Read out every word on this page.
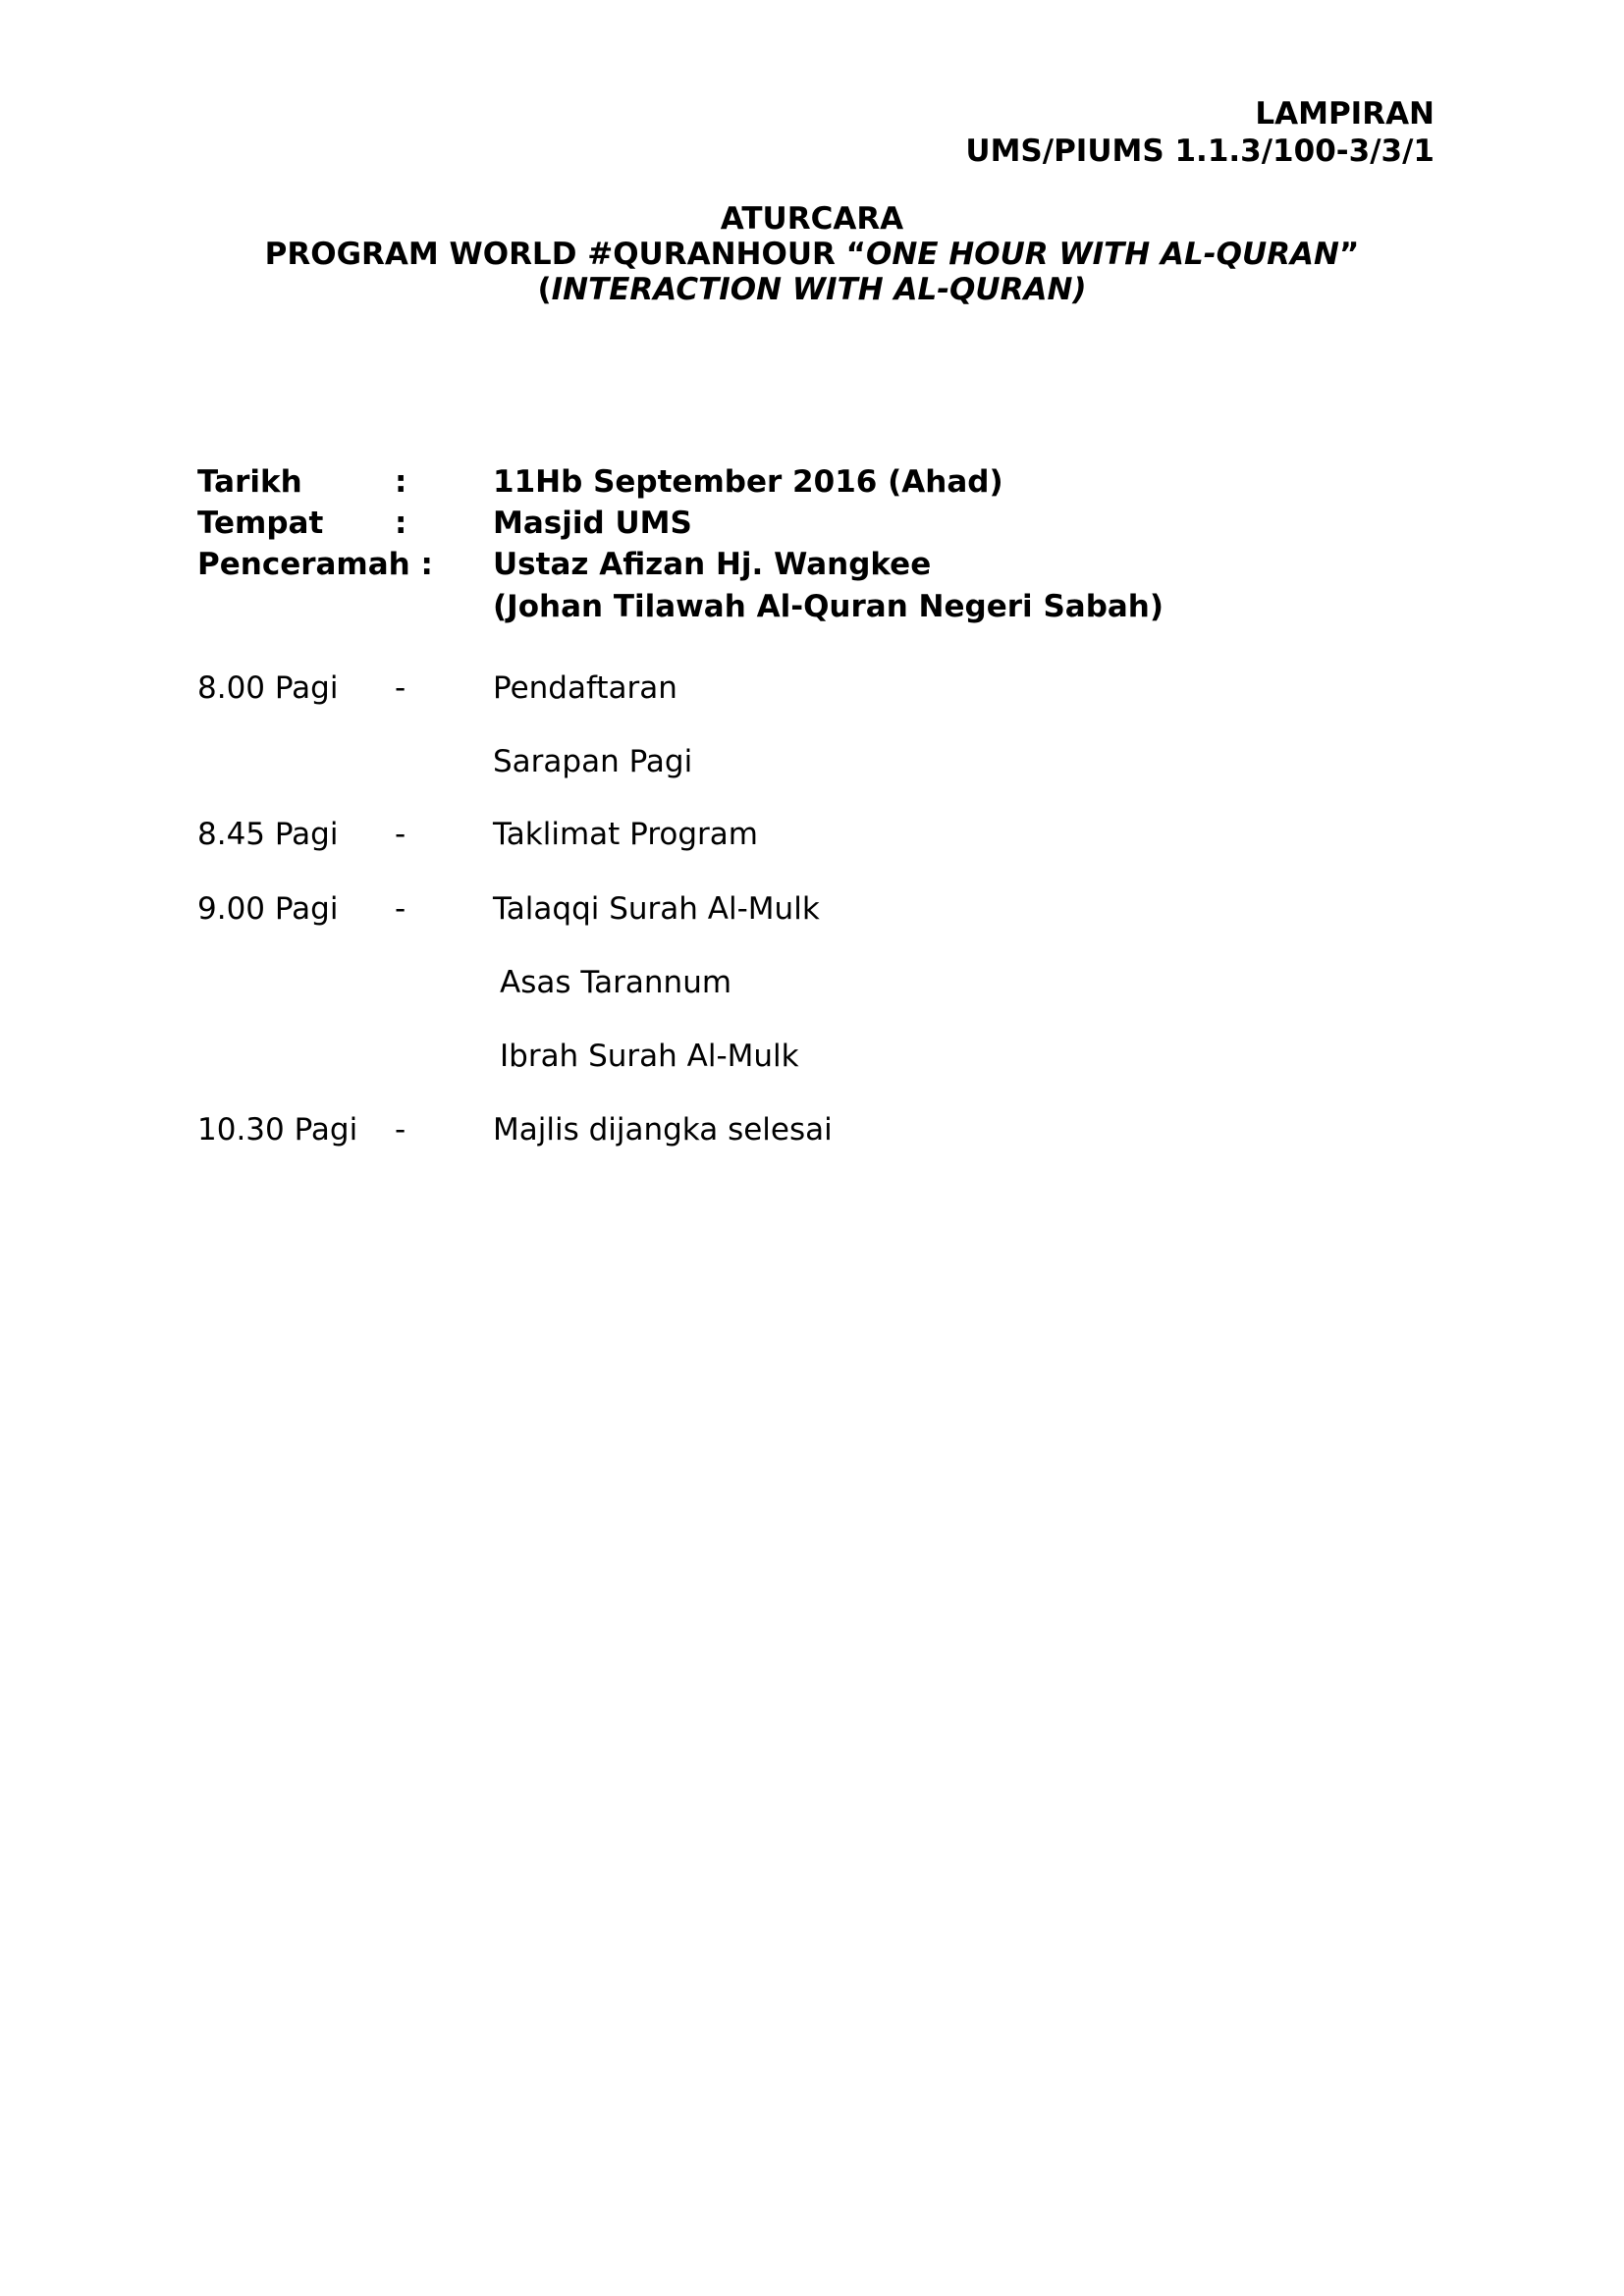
LAMPIRAN
UMS/PIUMS 1.1.3/100-3/3/1
ATURCARA
PROGRAM WORLD #QURANHOUR “ONE HOUR WITH AL-QURAN”
(INTERACTION WITH AL-QURAN)
Tarikh	:	11Hb September 2016 (Ahad)
Tempat :	Masjid UMS
Penceramah : Ustaz Afizan Hj. Wangkee
(Johan Tilawah Al-Quran Negeri Sabah)
8.00 Pagi -	Pendaftaran
Sarapan Pagi
8.45 Pagi -	Taklimat Program
9.00 Pagi -	Talaqqi Surah Al-Mulk
Asas Tarannum
Ibrah Surah Al-Mulk
10.30 Pagi -	Majlis dijangka selesai
